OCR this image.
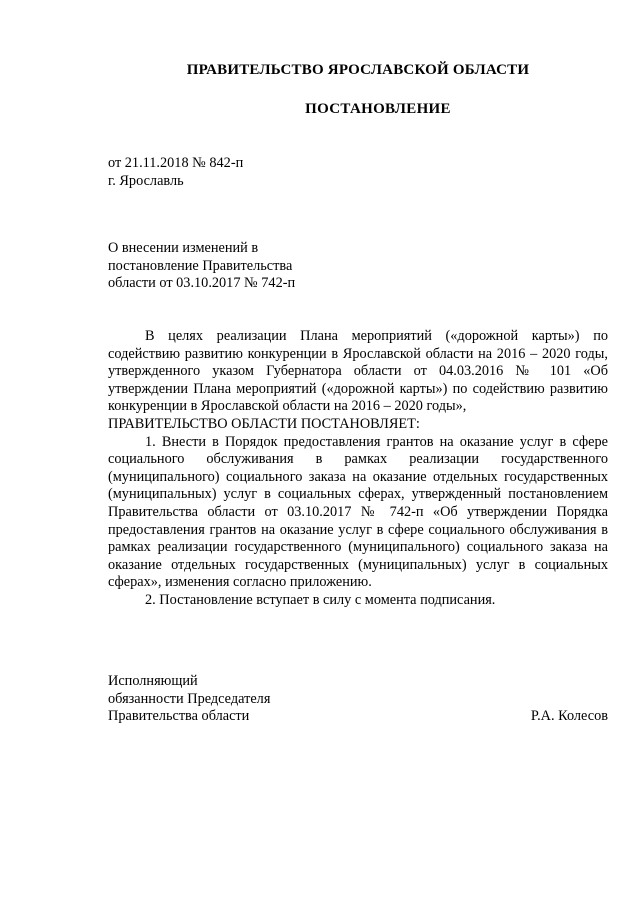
ПРАВИТЕЛЬСТВО ЯРОСЛАВСКОЙ ОБЛАСТИ
ПОСТАНОВЛЕНИЕ
от 21.11.2018 № 842-п
г. Ярославль
О внесении изменений в
постановление Правительства
области от 03.10.2017 № 742-п

В целях реализации Плана мероприятий («дорожной карты») по содействию развитию конкуренции в Ярославской области на 2016 – 2020 годы, утвержденного указом Губернатора области от 04.03.2016 № 101 «Об утверждении Плана мероприятий («дорожной карты») по содействию развитию конкуренции в Ярославской области на 2016 – 2020 годы»,

ПРАВИТЕЛЬСТВО ОБЛАСТИ ПОСТАНОВЛЯЕТ:

1. Внести в Порядок предоставления грантов на оказание услуг в сфере социального обслуживания в рамках реализации государственного (муниципального) социального заказа на оказание отдельных государственных (муниципальных) услуг в социальных сферах, утвержденный постановлением Правительства области от 03.10.2017 № 742-п «Об утверждении Порядка предоставления грантов на оказание услуг в сфере социального обслуживания в рамках реализации государственного (муниципального) социального заказа на оказание отдельных государственных (муниципальных) услуг в социальных сферах», изменения согласно приложению.

2. Постановление вступает в силу с момента подписания.

Исполняющий
обязанности Председателя
Правительства области	Р.А. Колесов
